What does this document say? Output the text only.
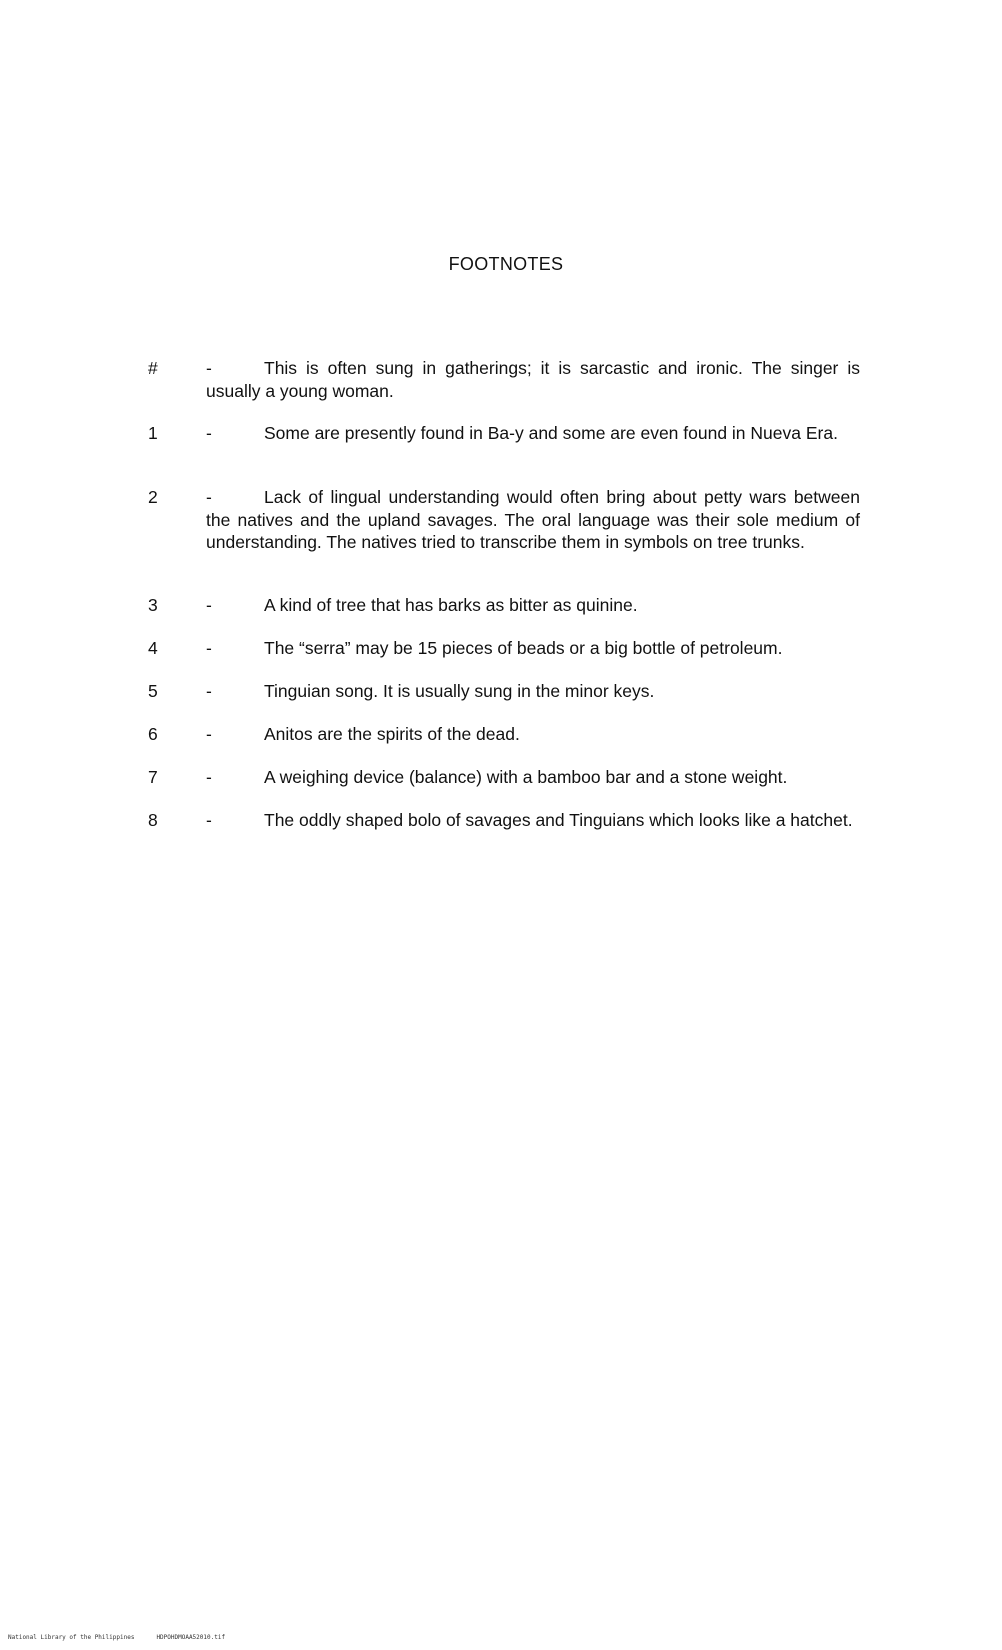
FOOTNOTES
#	-	This is often sung in gatherings; it is sarcastic and ironic. The singer is usually a young woman.
1	-	Some are presently found in Ba-y and some are even found in Nueva Era.
2	-	Lack of lingual understanding would often bring about petty wars between the natives and the upland savages. The oral language was their sole medium of understanding. The natives tried to transcribe them in symbols on tree trunks.
3	-	A kind of tree that has barks as bitter as quinine.
4	-	The “serra” may be 15 pieces of beads or a big bottle of petroleum.
5	-	Tinguian song. It is usually sung in the minor keys.
6	-	Anitos are the spirits of the dead.
7	-	A weighing device (balance) with a bamboo bar and a stone weight.
8	-	The oddly shaped bolo of savages and Tinguians which looks like a hatchet.
National Library of the Philippines	HDPOHDMOAA52010.tif
